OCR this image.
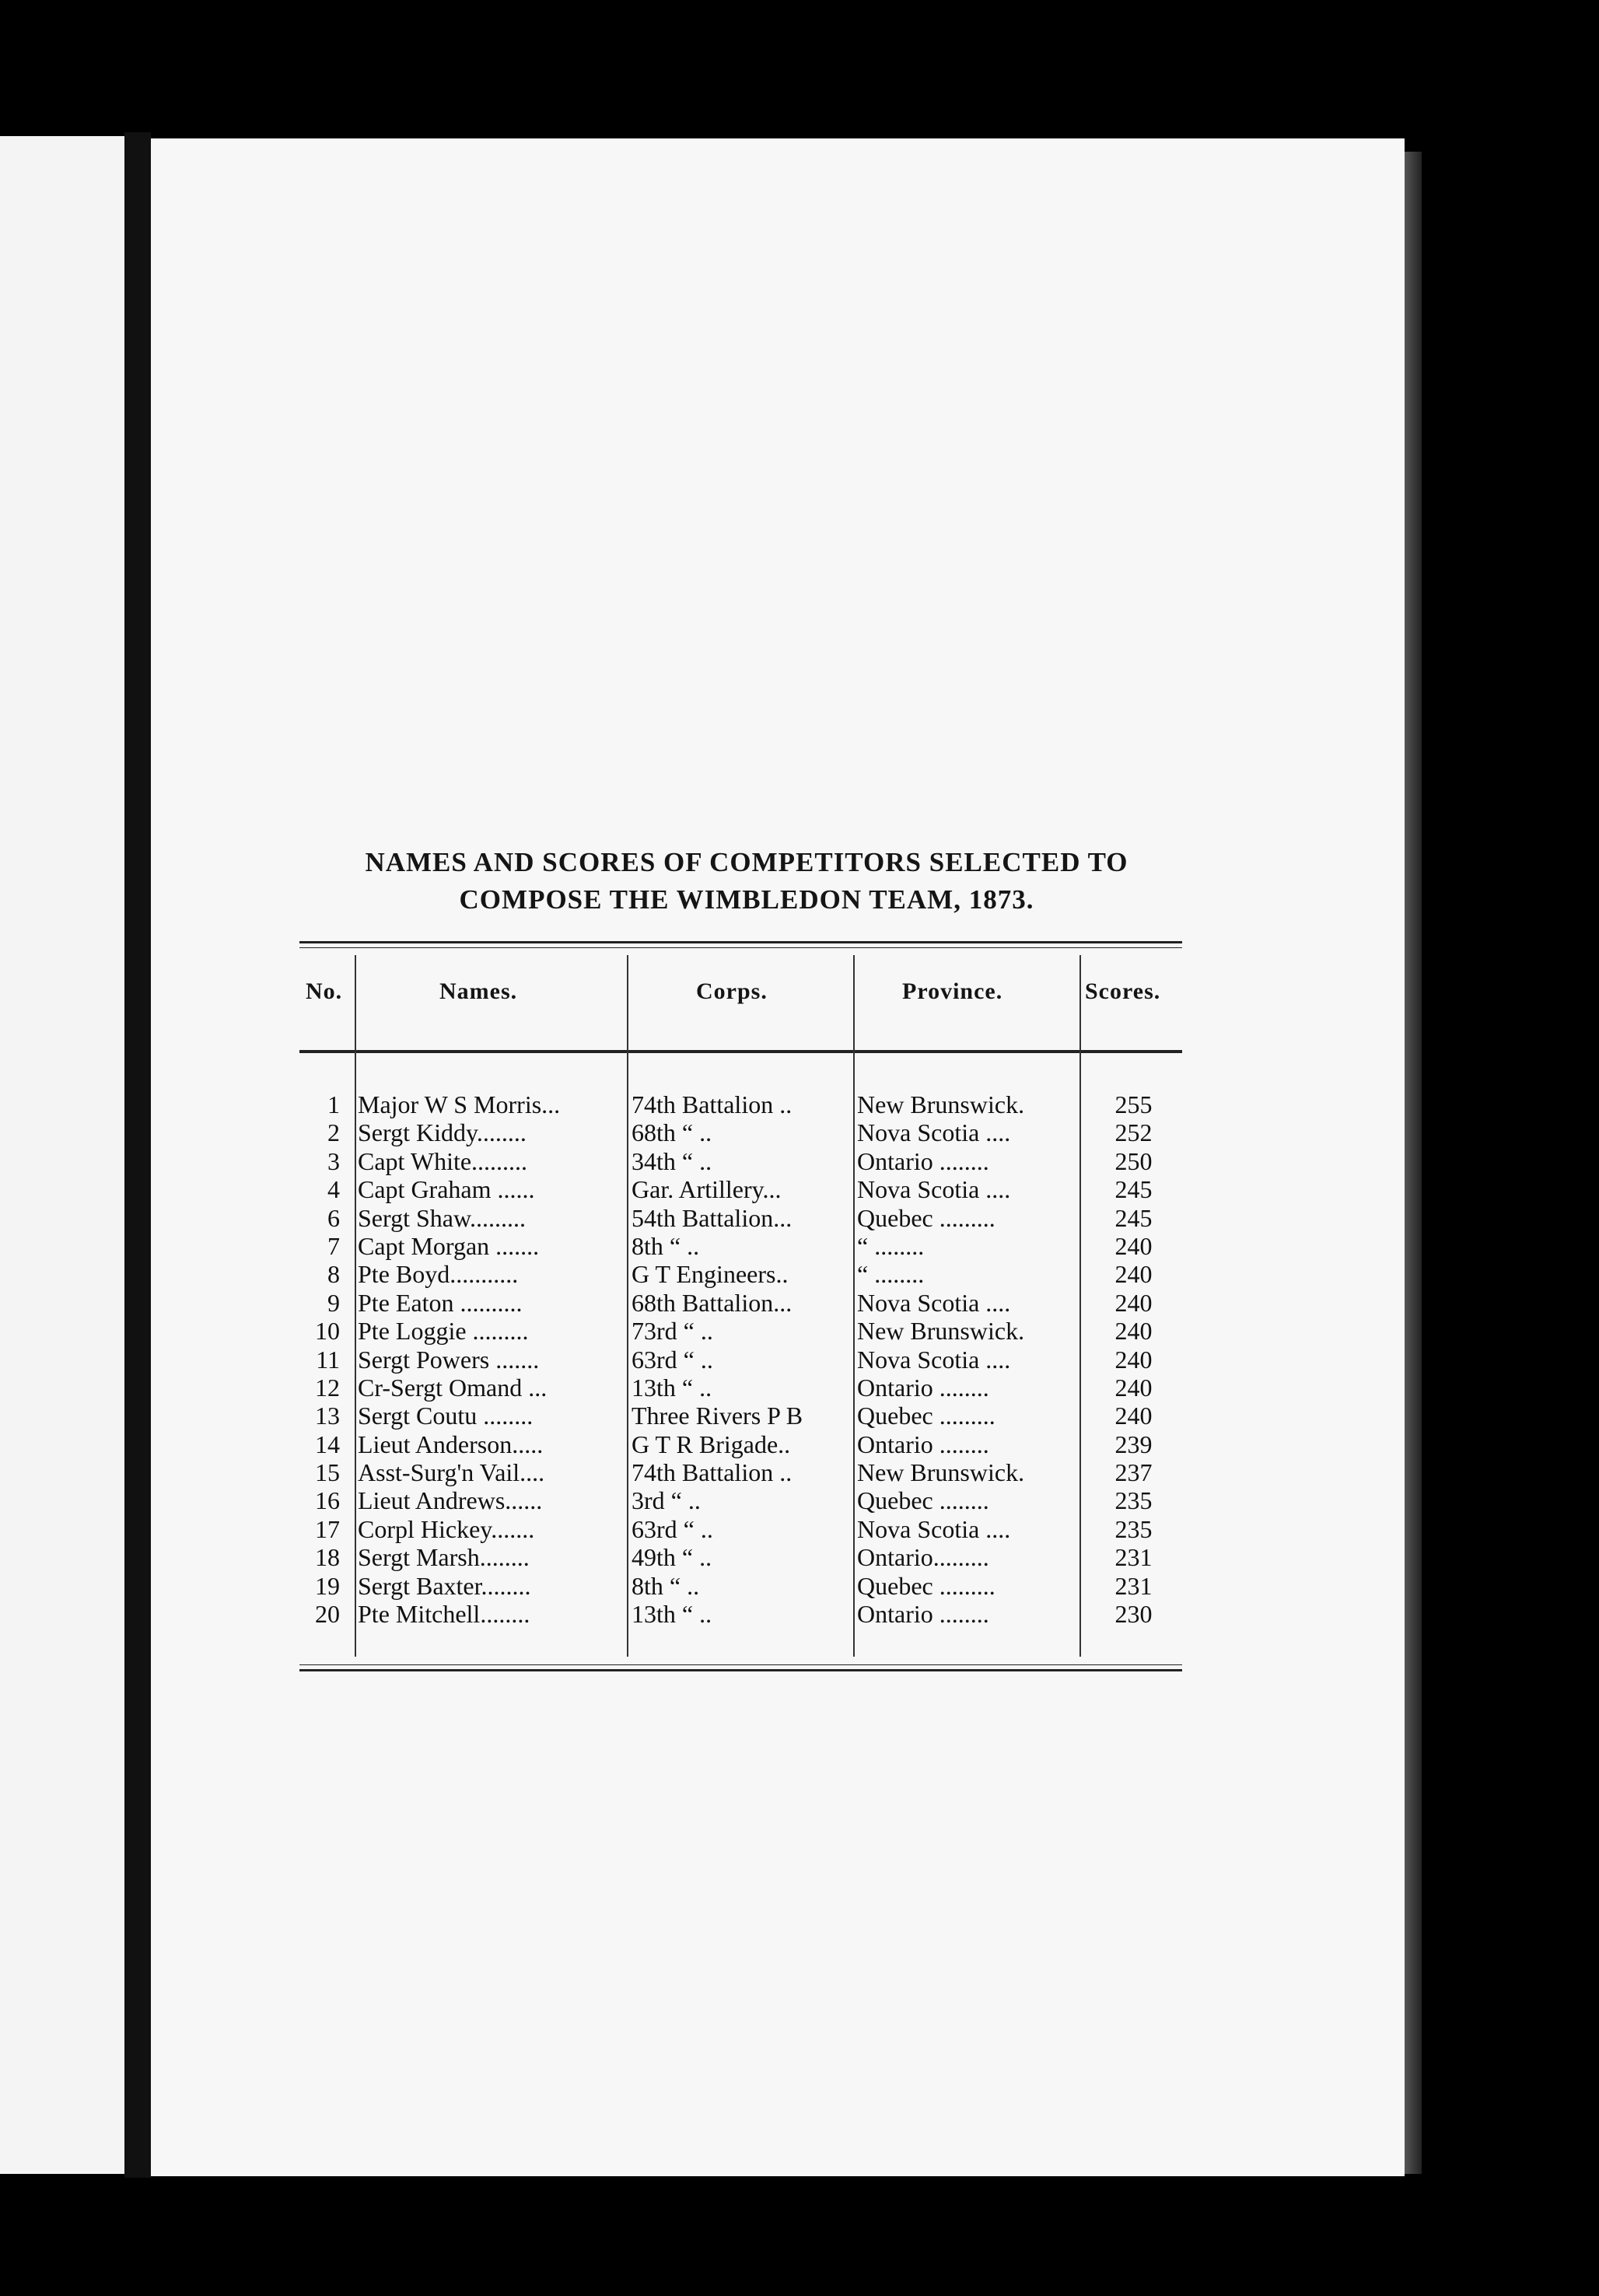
NAMES AND SCORES OF COMPETITORS SELECTED TO
COMPOSE THE WIMBLEDON TEAM, 1873.
No.	Names.	Corps.	Province.	Scores.
1 Major W S Morris...	74th Battalion ..	New Brunswick.	255
2 Sergt Kiddy........	68th “ ..	Nova Scotia ....	252
3 Capt White.........	34th “ ..	Ontario ........	250
4 Capt Graham ......	Gar. Artillery...	Nova Scotia ....	245
6 Sergt Shaw.........	54th Battalion...	Quebec .........	245
7 Capt Morgan .......	8th “ ..	“ ........	240
8 Pte Boyd...........	G T Engineers..	“ ........	240
9 Pte Eaton ..........	68th Battalion...	Nova Scotia ....	240
10 Pte Loggie .........	73rd “ ..	New Brunswick.	240
11 Sergt Powers .......	63rd “ ..	Nova Scotia ....	240
12 Cr-Sergt Omand ...	13th “ ..	Ontario ........	240
13 Sergt Coutu ........	Three Rivers P B	Quebec .........	240
14 Lieut Anderson.....	G T R Brigade..	Ontario ........	239
15 Asst-Surg'n Vail....	74th Battalion ..	New Brunswick.	237
16 Lieut Andrews......	3rd “ ..	Quebec ........	235
17 Corpl Hickey.......	63rd “ ..	Nova Scotia ....	235
18 Sergt Marsh........	49th “ ..	Ontario.........	231
19 Sergt Baxter........	8th “ ..	Quebec .........	231
20 Pte Mitchell........	13th “ ..	Ontario ........	230
